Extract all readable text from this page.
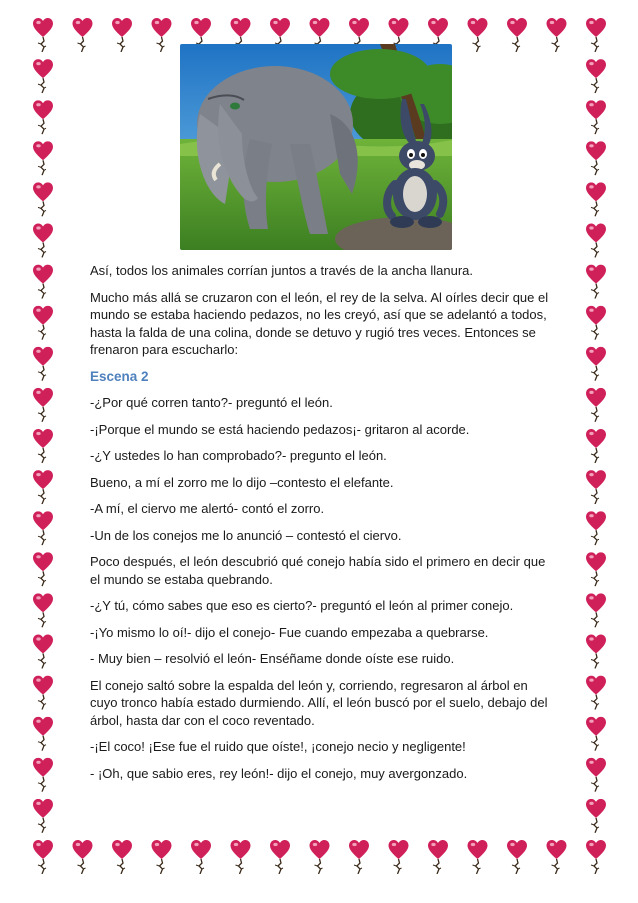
Así, todos los animales corrían juntos a través de la ancha llanura.

Mucho más allá se cruzaron con el león, el rey de la selva. Al oírles decir que el mundo se estaba haciendo pedazos, no les creyó, así que se adelantó a todos, hasta la falda de una colina, donde se detuvo y rugió tres veces. Entonces se frenaron para escucharlo:

Escena 2

-¿Por qué corren tanto?- preguntó el león.

-¡Porque el mundo se está haciendo pedazos¡- gritaron al acorde.

-¿Y ustedes lo han comprobado?- pregunto el león.

Bueno, a mí el zorro me lo dijo –contesto el elefante.

-A mí, el ciervo me alertó- contó el zorro.

-Un de los conejos me lo anunció – contestó el ciervo.

Poco después, el león descubrió qué conejo había sido el primero en decir que el mundo se estaba quebrando.

-¿Y tú, cómo sabes que eso es cierto?- preguntó el león al primer conejo.

-¡Yo mismo lo oí!- dijo el conejo- Fue cuando empezaba a quebrarse.

- Muy bien – resolvió el león- Enséñame donde oíste ese ruido.

El conejo saltó sobre la espalda del león y, corriendo, regresaron al árbol en cuyo tronco había estado durmiendo. Allí, el león buscó por el suelo, debajo del árbol, hasta dar con el coco reventado.

-¡El coco! ¡Ese fue el ruido que oíste!, ¡conejo necio y negligente!

- ¡Oh, que sabio eres, rey león!- dijo el conejo, muy avergonzado.
